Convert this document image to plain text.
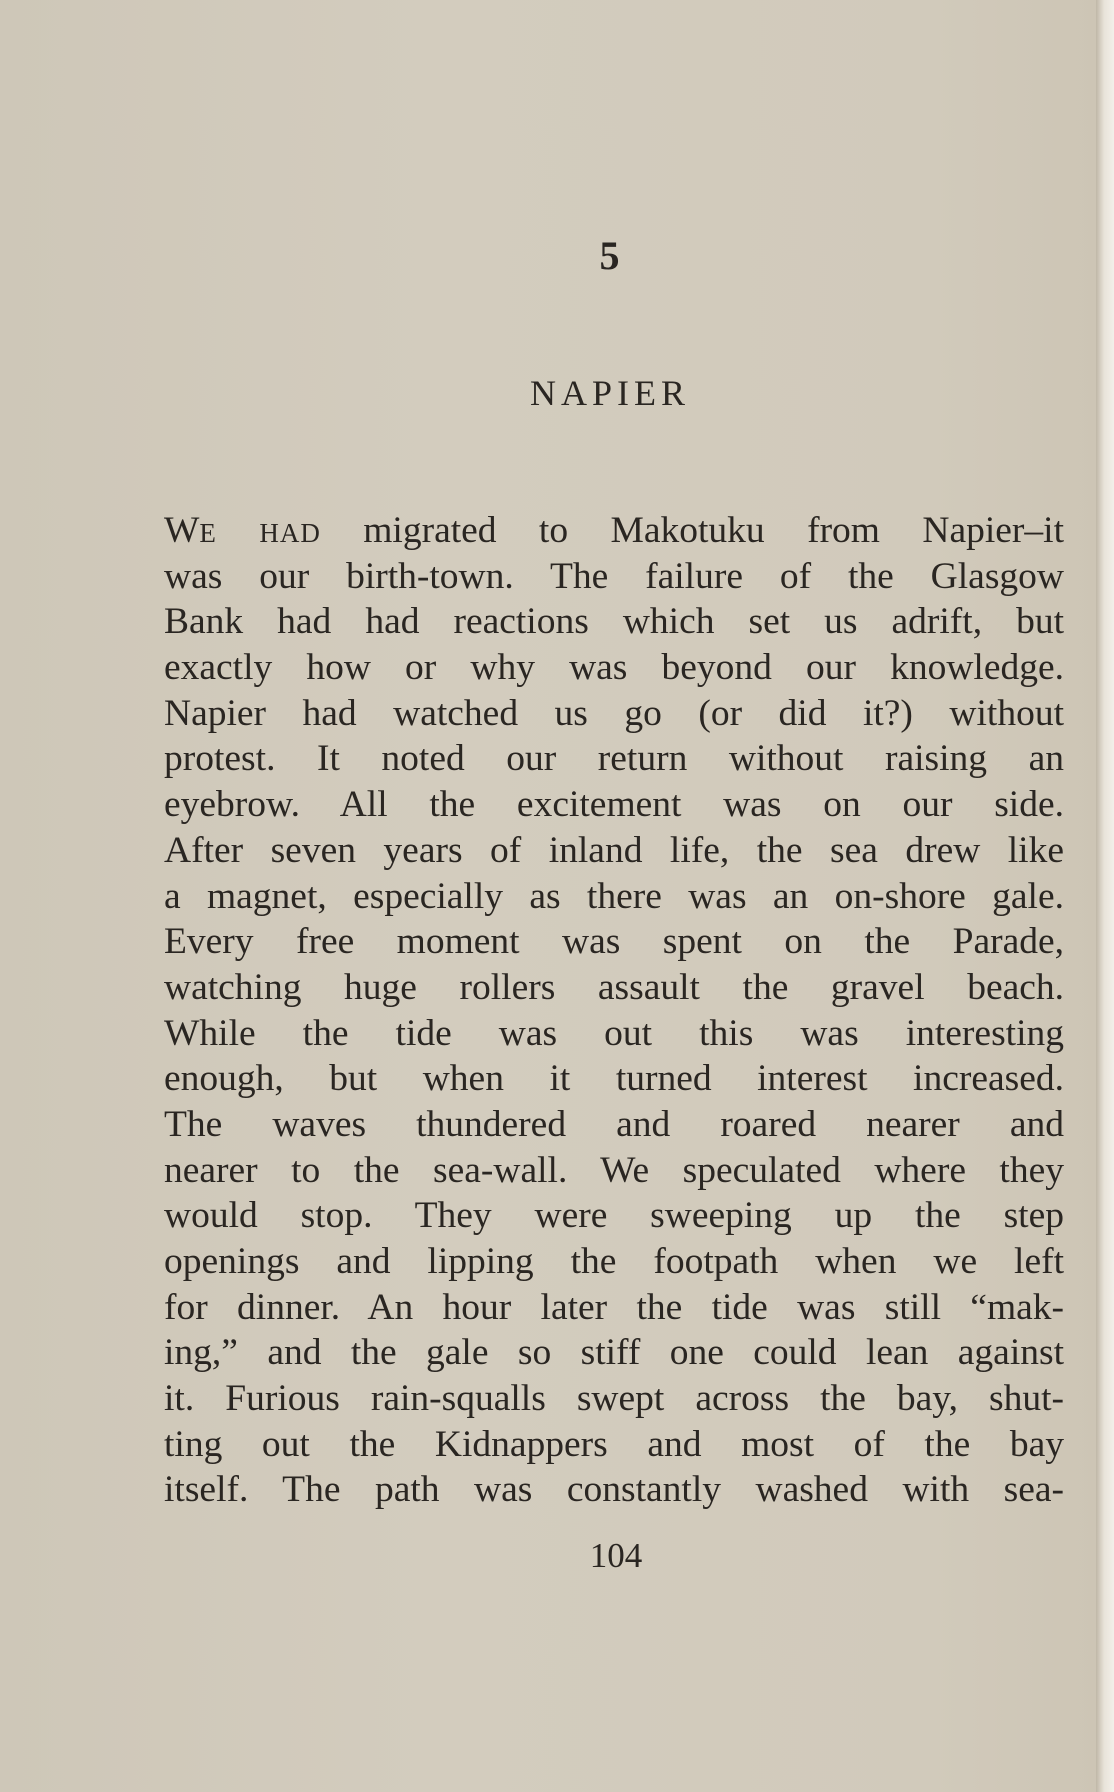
5
NAPIER
WE HAD migrated to Makotuku from Napier–it
was our birth-town. The failure of the Glasgow
Bank had had reactions which set us adrift, but
exactly how or why was beyond our knowledge.
Napier had watched us go (or did it?) without
protest. It noted our return without raising an
eyebrow. All the excitement was on our side.
After seven years of inland life, the sea drew like
a magnet, especially as there was an on-shore gale.
Every free moment was spent on the Parade,
watching huge rollers assault the gravel beach.
While the tide was out this was interesting
enough, but when it turned interest increased.
The waves thundered and roared nearer and
nearer to the sea-wall. We speculated where they
would stop. They were sweeping up the step
openings and lipping the footpath when we left
for dinner. An hour later the tide was still “mak-
ing,” and the gale so stiff one could lean against
it. Furious rain-squalls swept across the bay, shut-
ting out the Kidnappers and most of the bay
itself. The path was constantly washed with sea-
104
